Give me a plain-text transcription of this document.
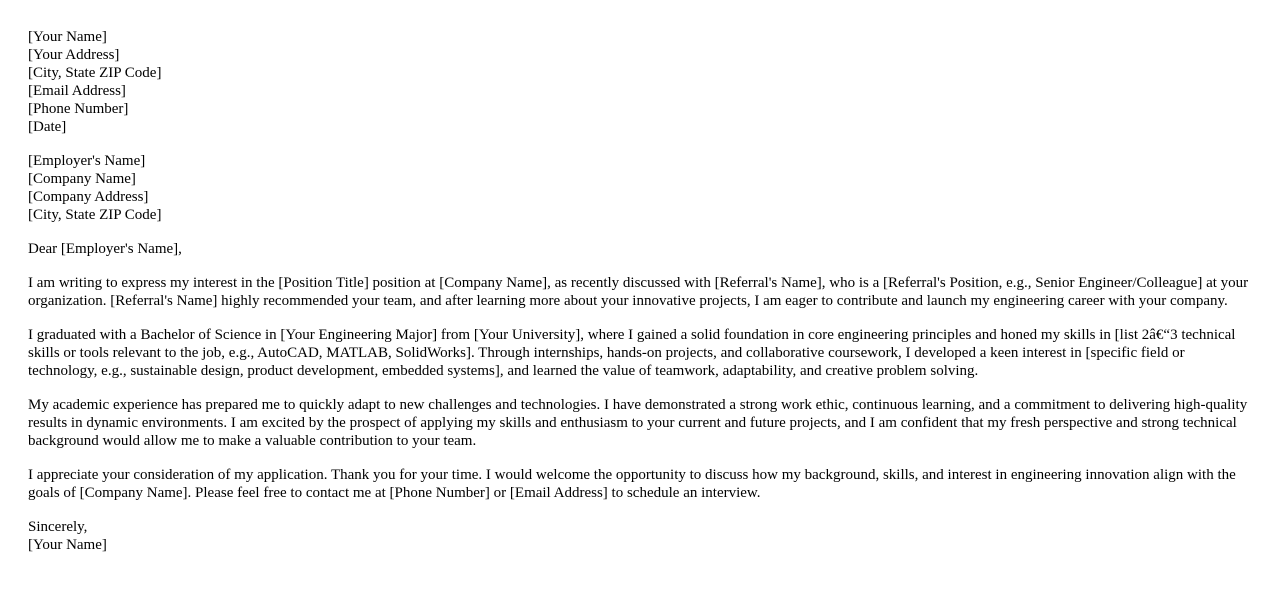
[Your Name]
[Your Address]
[City, State ZIP Code]
[Email Address]
[Phone Number]
[Date]
[Employer's Name]
[Company Name]
[Company Address]
[City, State ZIP Code]

Dear [Employer's Name],

I am writing to express my interest in the [Position Title] position at [Company Name], as recently discussed with [Referral's Name], who is a [Referral's Position, e.g., Senior Engineer/Colleague] at your organization. [Referral's Name] highly recommended your team, and after learning more about your innovative projects, I am eager to contribute and launch my engineering career with your company.

I graduated with a Bachelor of Science in [Your Engineering Major] from [Your University], where I gained a solid foundation in core engineering principles and honed my skills in [list 2â€“3 technical skills or tools relevant to the job, e.g., AutoCAD, MATLAB, SolidWorks]. Through internships, hands-on projects, and collaborative coursework, I developed a keen interest in [specific field or technology, e.g., sustainable design, product development, embedded systems], and learned the value of teamwork, adaptability, and creative problem solving.

My academic experience has prepared me to quickly adapt to new challenges and technologies. I have demonstrated a strong work ethic, continuous learning, and a commitment to delivering high-quality results in dynamic environments. I am excited by the prospect of applying my skills and enthusiasm to your current and future projects, and I am confident that my fresh perspective and strong technical background would allow me to make a valuable contribution to your team.

I appreciate your consideration of my application. Thank you for your time. I would welcome the opportunity to discuss how my background, skills, and interest in engineering innovation align with the goals of [Company Name]. Please feel free to contact me at [Phone Number] or [Email Address] to schedule an interview.

Sincerely,
[Your Name]
